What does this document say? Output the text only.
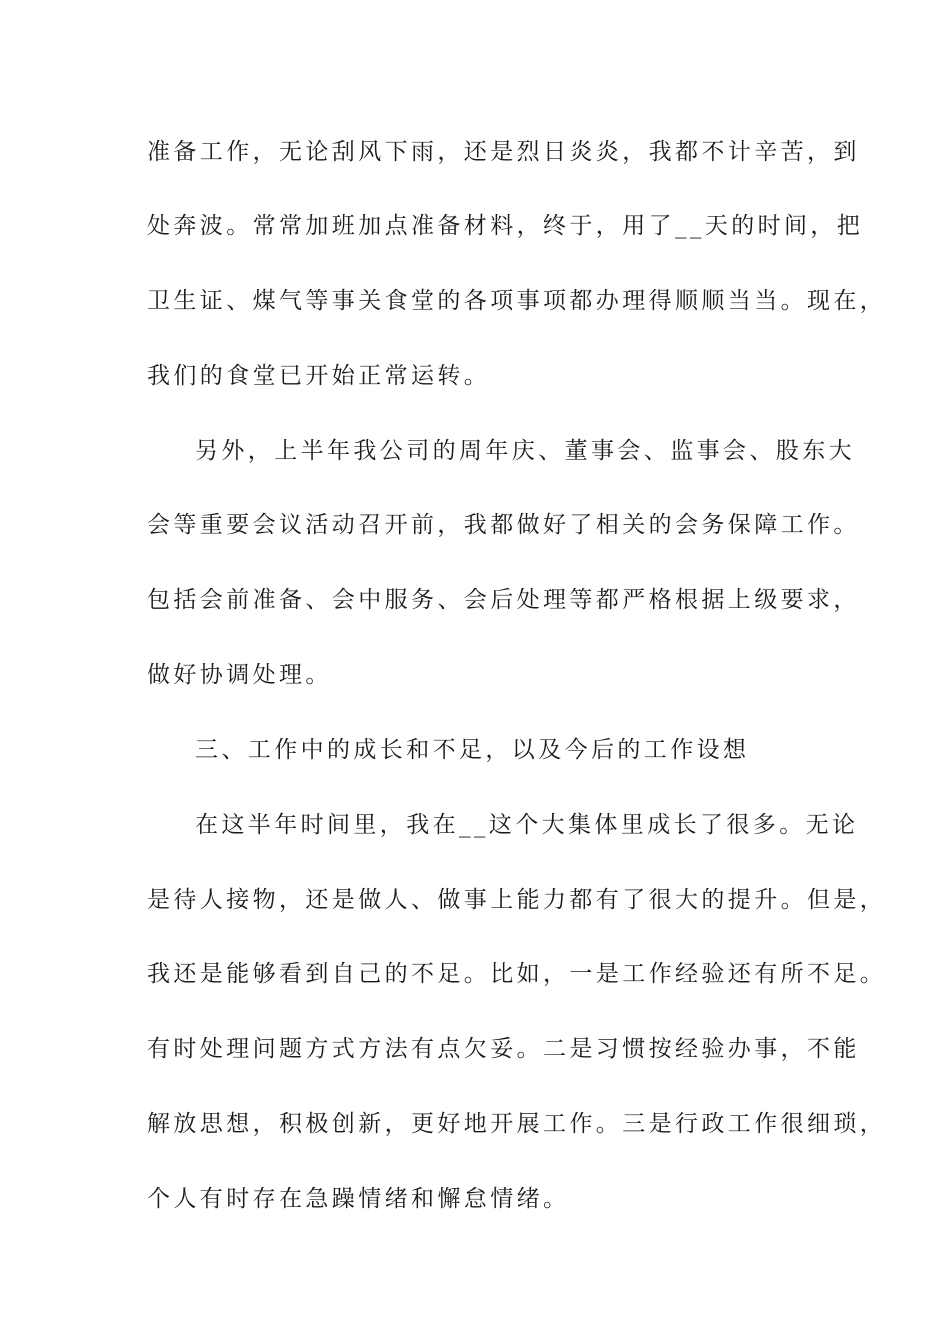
准备工作，无论刮风下雨，还是烈日炎炎，我都不计辛苦，到

处奔波。常常加班加点准备材料，终于，用了__天的时间，把

卫生证、煤气等事关食堂的各项事项都办理得顺顺当当。现在，

我们的食堂已开始正常运转。

另外，上半年我公司的周年庆、董事会、监事会、股东大

会等重要会议活动召开前，我都做好了相关的会务保障工作。

包括会前准备、会中服务、会后处理等都严格根据上级要求，

做好协调处理。

三、工作中的成长和不足，以及今后的工作设想

在这半年时间里，我在__这个大集体里成长了很多。无论

是待人接物，还是做人、做事上能力都有了很大的提升。但是，

我还是能够看到自己的不足。比如，一是工作经验还有所不足。

有时处理问题方式方法有点欠妥。二是习惯按经验办事，不能

解放思想，积极创新，更好地开展工作。三是行政工作很细琐，

个人有时存在急躁情绪和懈怠情绪。
